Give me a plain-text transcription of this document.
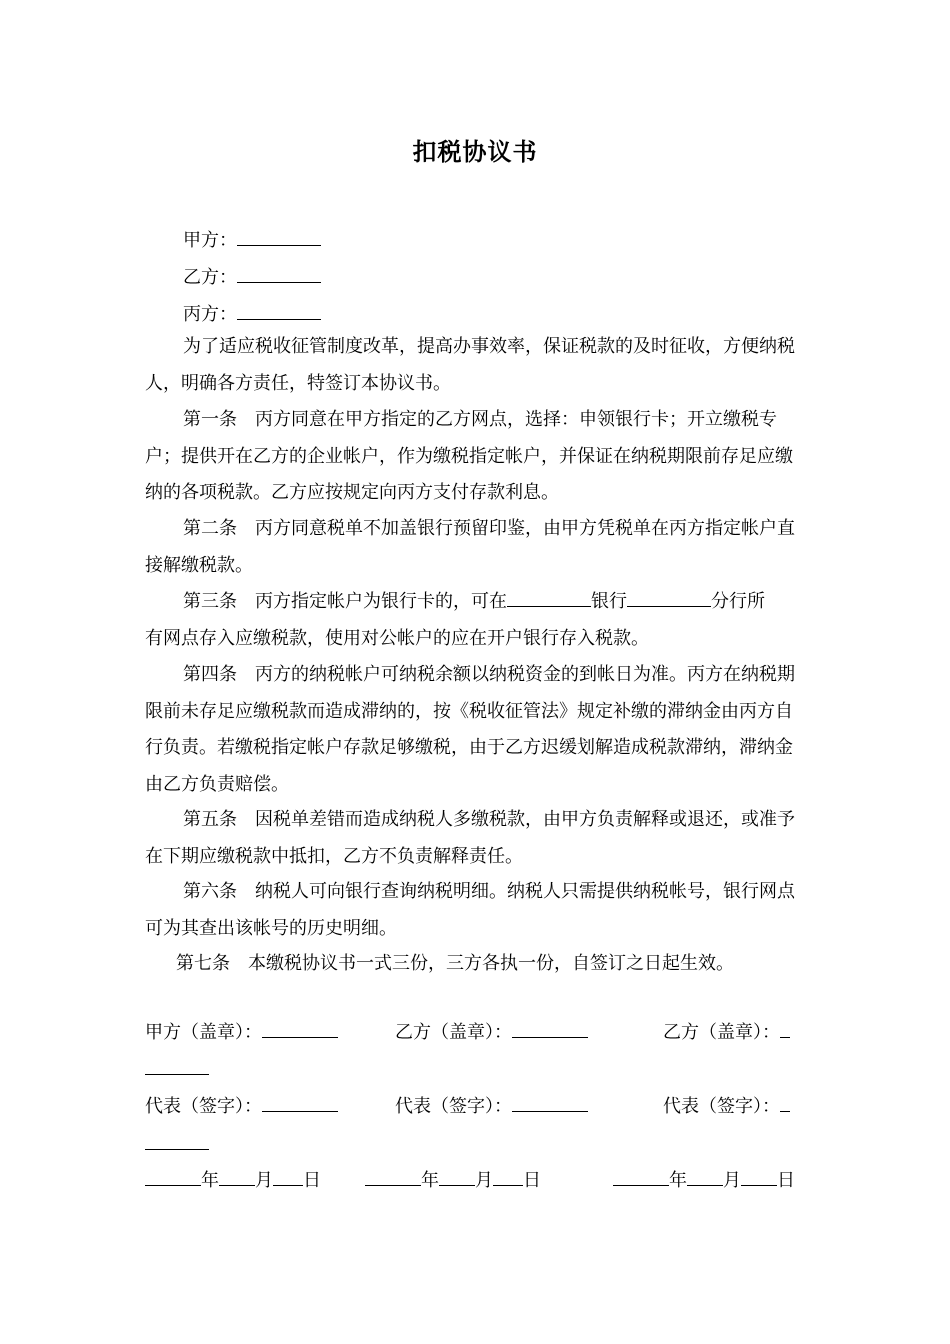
扣税协议书
甲方：
乙方：
丙方：
为了适应税收征管制度改革，提高办事效率，保证税款的及时征收，方便纳税人，明确各方责任，特签订本协议书。
第一条　 丙方同意在甲方指定的乙方网点，选择：申领银行卡；开立缴税专户；提供开在乙方的企业帐户，作为缴税指定帐户，并保证在纳税期限前存足应缴纳的各项税款。乙方应按规定向丙方支付存款利息。
第二条　 丙方同意税单不加盖银行预留印鉴，由甲方凭税单在丙方指定帐户直接解缴税款。
第三条　 丙方指定帐户为银行卡的，可在	银行	分行所
有网点存入应缴税款，使用对公帐户的应在开户银行存入税款。
第四条　 丙方的纳税帐户可纳税余额以纳税资金的到帐日为准。丙方在纳税期限前未存足应缴税款而造成滞纳的，按《税收征管法》规定补缴的滞纳金由丙方自行负责。若缴税指定帐户存款足够缴税，由于乙方迟缓划解造成税款滞纳，滞纳金由乙方负责赔偿。
第五条　 因税单差错而造成纳税人多缴税款，由甲方负责解释或退还，或准予在下期应缴税款中抵扣，乙方不负责解释责任。
第六条　 纳税人可向银行查询纳税明细。纳税人只需提供纳税帐号，银行网点可为其查出该帐号的历史明细。
第七条　 本缴税协议书一式三份，三方各执一份，自签订之日起生效。
甲方（盖章）：	乙方（盖章）：	乙方（盖章）：
代表（签字）：	代表（签字）：	代表（签字）：
年 月 日	年 月 日	年 月 日
